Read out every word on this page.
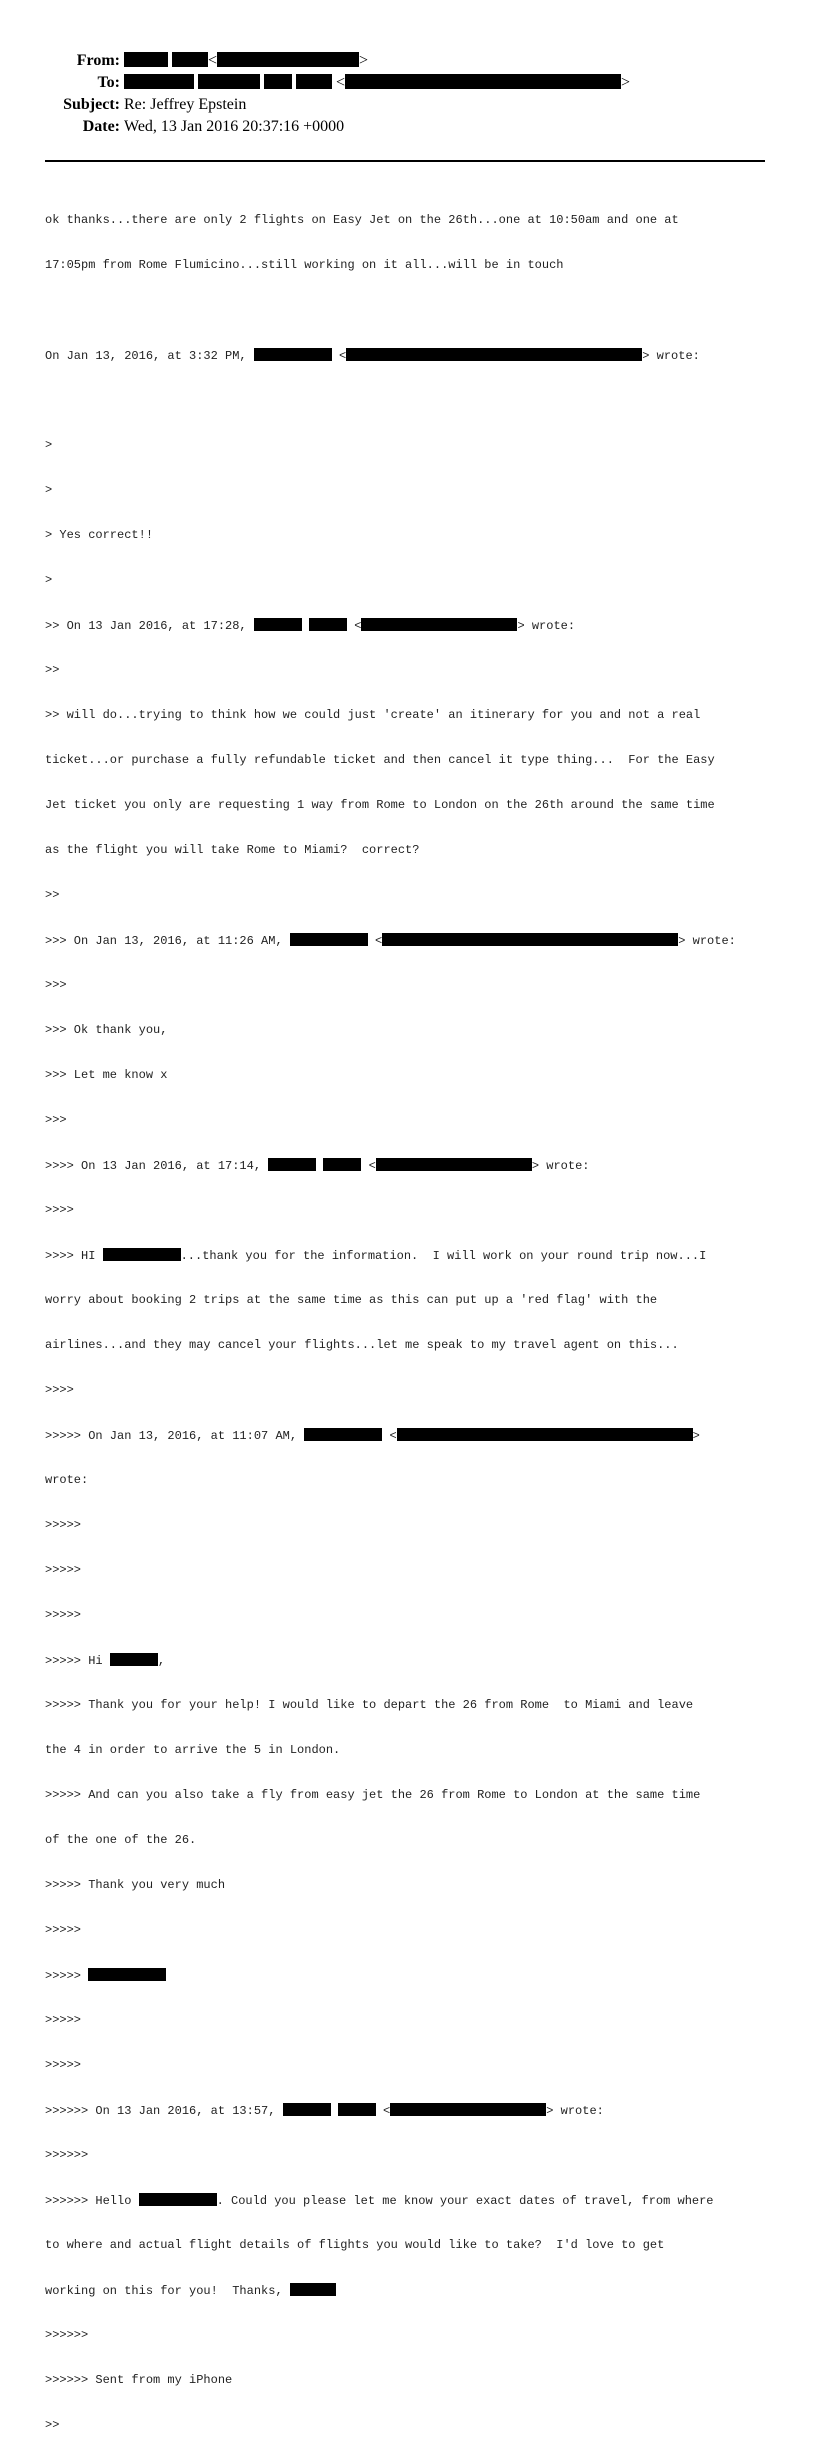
From:	<	>
To:	<	>
Subject: Re: Jeffrey Epstein
Date: Wed, 13 Jan 2016 20:37:16 +0000

ok thanks...there are only 2 flights on Easy Jet on the 26th...one at 10:50am and one at

17:05pm from Rome Flumicino...still working on it all...will be in touch

On Jan 13, 2016, at 3:32 PM,	<	> wrote:

>

>

> Yes correct!!

>

>> On 13 Jan 2016, at 17:28,	<	> wrote:

>>

>> will do...trying to think how we could just 'create' an itinerary for you and not a real

ticket...or purchase a fully refundable ticket and then cancel it type thing...  For the Easy

Jet ticket you only are requesting 1 way from Rome to London on the 26th around the same time

as the flight you will take Rome to Miami?  correct?

>>

>>> On Jan 13, 2016, at 11:26 AM,	<	> wrote:

>>>

>>> Ok thank you,

>>> Let me know x

>>>

>>>> On 13 Jan 2016, at 17:14,	<	> wrote:

>>>>

>>>> HI	...thank you for the information.  I will work on your round trip now...I

worry about booking 2 trips at the same time as this can put up a 'red flag' with the

airlines...and they may cancel your flights...let me speak to my travel agent on this...

>>>>

>>>>> On Jan 13, 2016, at 11:07 AM,	<	>

wrote:

>>>>>

>>>>>

>>>>>

>>>>> Hi	,

>>>>> Thank you for your help! I would like to depart the 26 from Rome  to Miami and leave

the 4 in order to arrive the 5 in London.

>>>>> And can you also take a fly from easy jet the 26 from Rome to London at the same time

of the one of the 26.

>>>>> Thank you very much

>>>>>

>>>>>

>>>>>

>>>>>

>>>>>> On 13 Jan 2016, at 13:57,	<	> wrote:

>>>>>>

>>>>>> Hello	. Could you please let me know your exact dates of travel, from where

to where and actual flight details of flights you would like to take?  I'd love to get

working on this for you!  Thanks,

>>>>>>

>>>>>> Sent from my iPhone

>>
